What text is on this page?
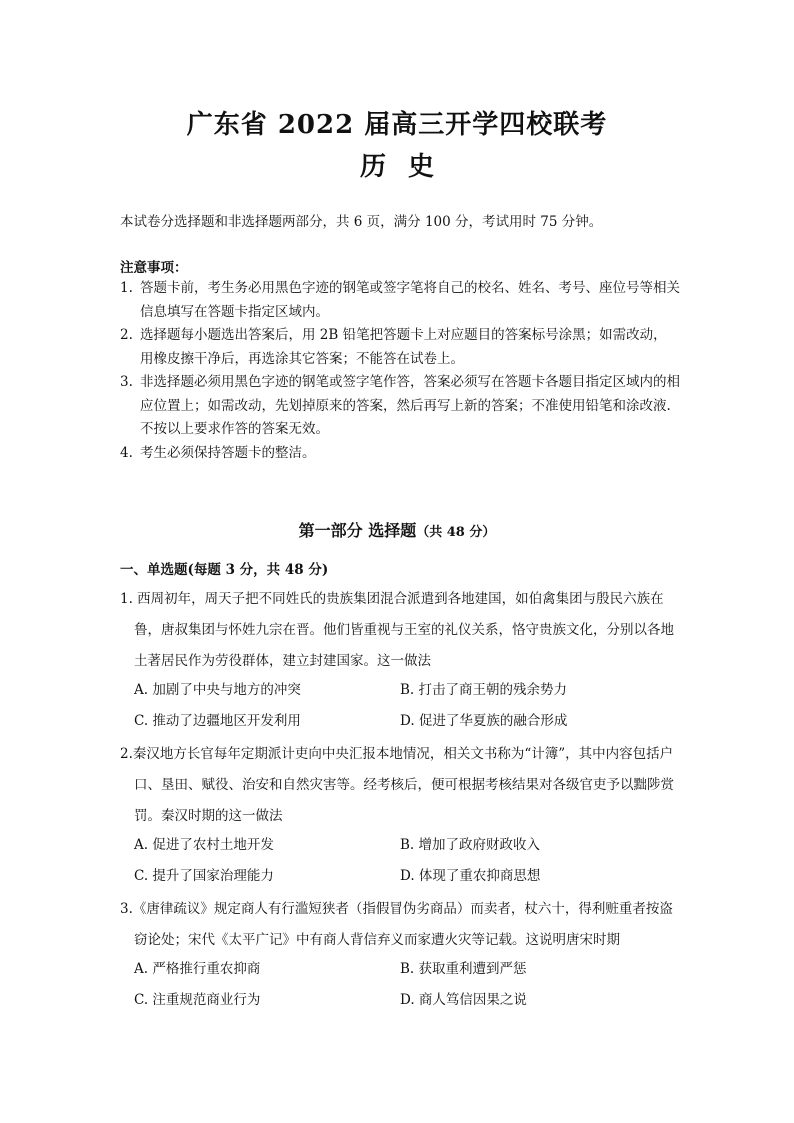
广东省 2022 届高三开学四校联考
历史
本试卷分选择题和非选择题两部分，共 6 页，满分 100 分，考试用时 75 分钟。
注意事项：
1. 答题卡前，考生务必用黑色字迹的钢笔或签字笔将自己的校名、姓名、考号、座位号等相关信息填写在答题卡指定区域内。
2. 选择题每小题选出答案后，用 2B 铅笔把答题卡上对应题目的答案标号涂黑；如需改动，用橡皮擦干净后，再选涂其它答案；不能答在试卷上。
3. 非选择题必须用黑色字迹的钢笔或签字笔作答，答案必须写在答题卡各题目指定区域内的相应位置上；如需改动，先划掉原来的答案，然后再写上新的答案；不准使用铅笔和涂改液.不按以上要求作答的答案无效。
4. 考生必须保持答题卡的整洁。
第一部分 选择题（共 48 分）
一、单选题(每题 3 分，共 48 分)
1. 西周初年，周天子把不同姓氏的贵族集团混合派遣到各地建国，如伯禽集团与殷民六族在鲁，唐叔集团与怀姓九宗在晋。他们皆重视与王室的礼仪关系，恪守贵族文化，分别以各地土著居民作为劳役群体，建立封建国家。这一做法
A. 加剧了中央与地方的冲突	B. 打击了商王朝的残余势力
C. 推动了边疆地区开发利用	D. 促进了华夏族的融合形成
2.秦汉地方长官每年定期派计吏向中央汇报本地情况，相关文书称为“计簿”，其中内容包括户口、垦田、赋役、治安和自然灾害等。经考核后，便可根据考核结果对各级官吏予以黜陟赏罚。秦汉时期的这一做法
A. 促进了农村土地开发	B. 增加了政府财政收入
C. 提升了国家治理能力	D. 体现了重农抑商思想
3.《唐律疏议》规定商人有行滥短狭者（指假冒伪劣商品）而卖者，杖六十，得利赃重者按盗窃论处；宋代《太平广记》中有商人背信弃义而家遭火灾等记载。这说明唐宋时期
A. 严格推行重农抑商	B. 获取重利遭到严惩
C. 注重规范商业行为	D. 商人笃信因果之说
